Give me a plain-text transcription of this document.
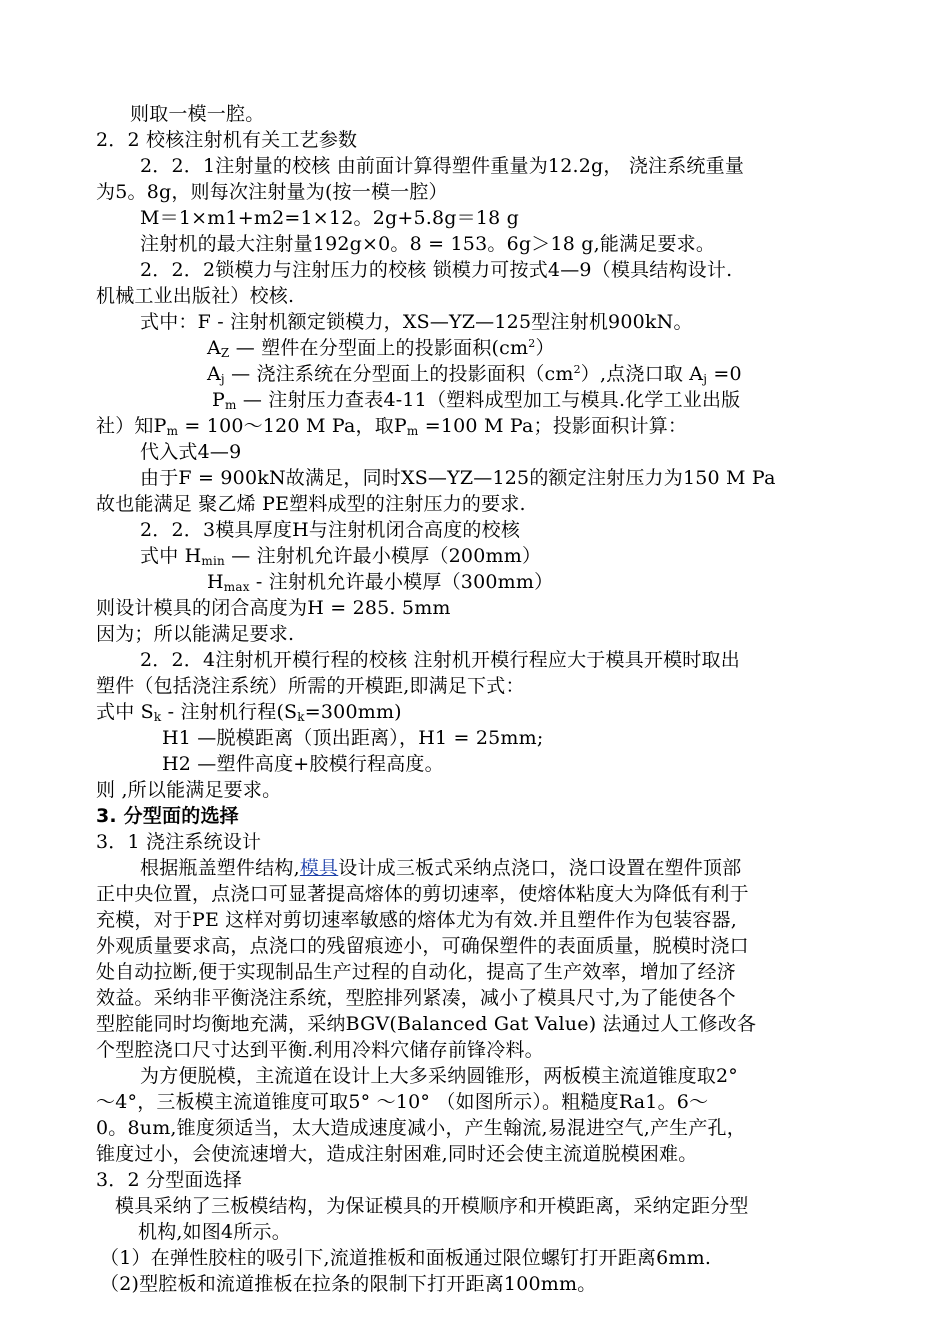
则取一模一腔。
2．2 校核注射机有关工艺参数
2．2．1注射量的校核 由前面计算得塑件重量为12.2g， 浇注系统重量
为5。8g，则每次注射量为(按一模一腔）
M＝1×m1+m2=1×12。2g+5.8g＝18 g
注射机的最大注射量192g×0。8 = 153。6g＞18 g,能满足要求。
2．2．2锁模力与注射压力的校核 锁模力可按式4—9（模具结构设计.
机械工业出版社）校核.
式中：F - 注射机额定锁模力，XS—YZ—125型注射机900kN。
$A_Z$ — 塑件在分型面上的投影面积$(cm^2)$
$A_j$ — 浇注系统在分型面上的投影面积$(cm^2)$,点浇口取 $A_j =0$
$P_m$ — 注射压力查表4-11（塑料成型加工与模具.化学工业出版
社）知$P_m$ = 100～120 M Pa，取$P_m =100$ M Pa；投影面积计算：
代入式4—9
由于F = 900kN故满足，同时XS—YZ—125的额定注射压力为150 M Pa
故也能满足 聚乙烯 PE塑料成型的注射压力的要求.
2．2．3模具厚度H与注射机闭合高度的校核
式中 $H_{min}$ — 注射机允许最小模厚（200mm）
$H_{max}$ - 注射机允许最小模厚（300mm）
则设计模具的闭合高度为H = 285. 5mm
因为；所以能满足要求.
2．2．4注射机开模行程的校核 注射机开模行程应大于模具开模时取出
塑件（包括浇注系统）所需的开模距,即满足下式：
式中 $S_k$ - 注射机行程$(S_k=300mm)$
H1 —脱模距离（顶出距离），H1 = 25mm;
H2 —塑件高度+胶模行程高度。
则 ,所以能满足要求。
3. 分型面的选择
3．1 浇注系统设计
根据瓶盖塑件结构,模具设计成三板式采纳点浇口，浇口设置在塑件顶部
正中央位置，点浇口可显著提高熔体的剪切速率，使熔体粘度大为降低有利于
充模，对于PE 这样对剪切速率敏感的熔体尤为有效.并且塑件作为包装容器,
外观质量要求高，点浇口的残留痕迹小，可确保塑件的表面质量，脱模时浇口
处自动拉断,便于实现制品生产过程的自动化，提高了生产效率，增加了经济
效益。采纳非平衡浇注系统，型腔排列紧凑，减小了模具尺寸,为了能使各个
型腔能同时均衡地充满，采纳BGV(Balanced Gat Value) 法通过人工修改各
个型腔浇口尺寸达到平衡.利用冷料穴储存前锋冷料。
为方便脱模，主流道在设计上大多采纳圆锥形，两板模主流道锥度取2°
～4°，三板模主流道锥度可取5° ～10° （如图所示）。粗糙度Ra1。6～
0。8um,锥度须适当，太大造成速度减小，产生翰流,易混进空气,产生产孔，
锥度过小，会使流速增大，造成注射困难,同时还会使主流道脱模困难。
3．2 分型面选择
模具采纳了三板模结构，为保证模具的开模顺序和开模距离，采纳定距分型
机构,如图4所示。
（1）在弹性胶柱的吸引下,流道推板和面板通过限位螺钉打开距离6mm.
（2)型腔板和流道推板在拉条的限制下打开距离100mm。
